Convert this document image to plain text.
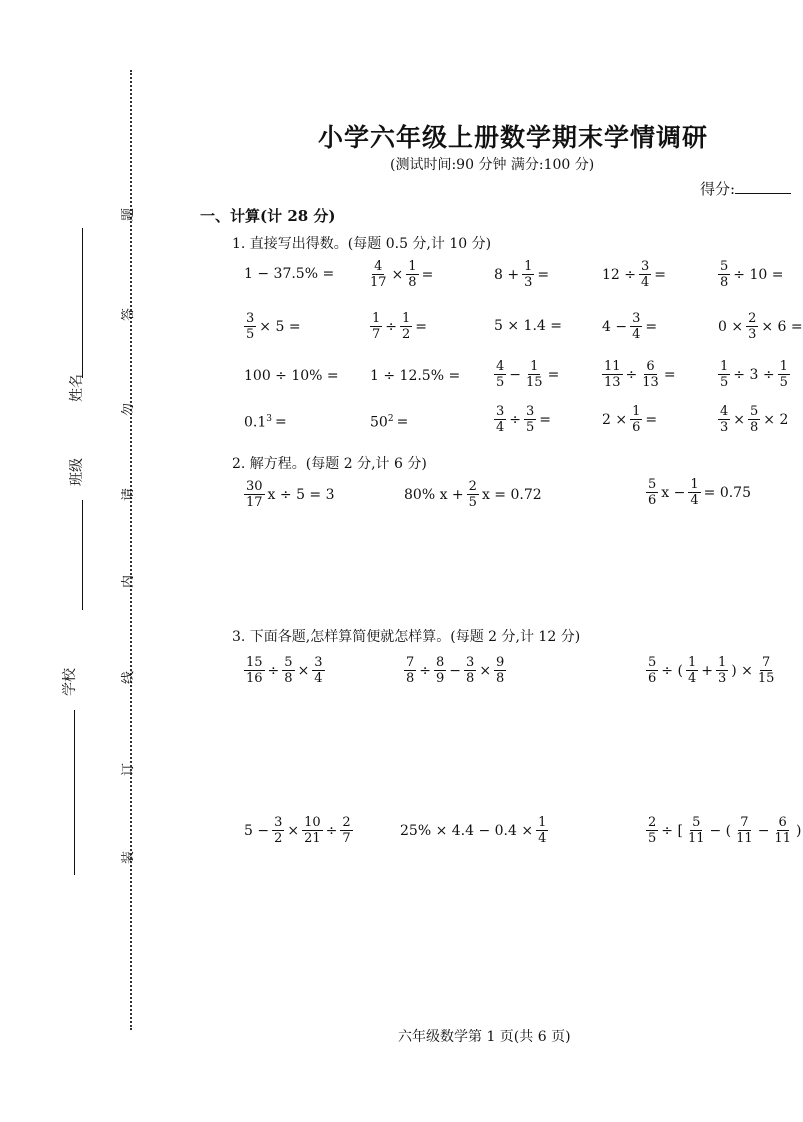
姓名
班级
学校
题
答
勿
请
内
线
订
装
小学六年级上册数学期末学情调研
(测试时间:90 分钟 满分:100 分)
得分:
一、计算(计 28 分)
1. 直接写出得数。(每题 0.5 分,计 10 分)
1 − 37.5% =	$\frac{4}{17} \times \frac{1}{8}$ =	$8 + \frac{1}{3}$ =	$12 \div \frac{3}{4}$ =	$\frac{5}{8} \div 10$ =
$\frac{3}{5} \times 5$ =	$\frac{1}{7} \div \frac{1}{2}$ =	5 × 1.4 =	$4 - \frac{3}{4}$ =	$0 \times \frac{2}{3} \times 6$ =
100 ÷ 10% = 1 ÷ 12.5% =	$\frac{4}{5} - \frac{1}{15}$ =	$\frac{11}{13} \div \frac{6}{13}$ =	$\frac{1}{5} \div 3 \div \frac{1}{5}$
$0.1^3$ =	$50^2$ =	$\frac{3}{4} \div \frac{3}{5}$ =	$2 \times \frac{1}{6}$ =	$\frac{4}{3} \times \frac{5}{8} \times 2$
2. 解方程。(每题 2 分,计 6 分)
$\frac{30}{17}$ x ÷ 5 = 3	80% $x + \frac{2}{5}$ x = 0.72	$\frac{5}{6}$ $x - \frac{1}{4} = 0.75$
3. 下面各题,怎样算简便就怎样算。(每题 2 分,计 12 分)
$\frac{15}{16} \div \frac{5}{8} \times \frac{3}{4}$	$\frac{7}{8} \div \frac{8}{9} - \frac{3}{8} \times \frac{9}{8}$	$\frac{5}{6}$ ÷ ( $\frac{1}{4} + \frac{1}{3}$ ) × $\frac{7}{15}$
$5 - \frac{3}{2} \times \frac{10}{21} \div \frac{2}{7}$	$25\% \times 4.4 - 0.4 \times \frac{1}{4}$	$\frac{2}{5}$ ÷ [ $\frac{5}{11}$ − ( $\frac{7}{11} - \frac{6}{11}$ )
六年级数学第 1 页(共 6 页)
